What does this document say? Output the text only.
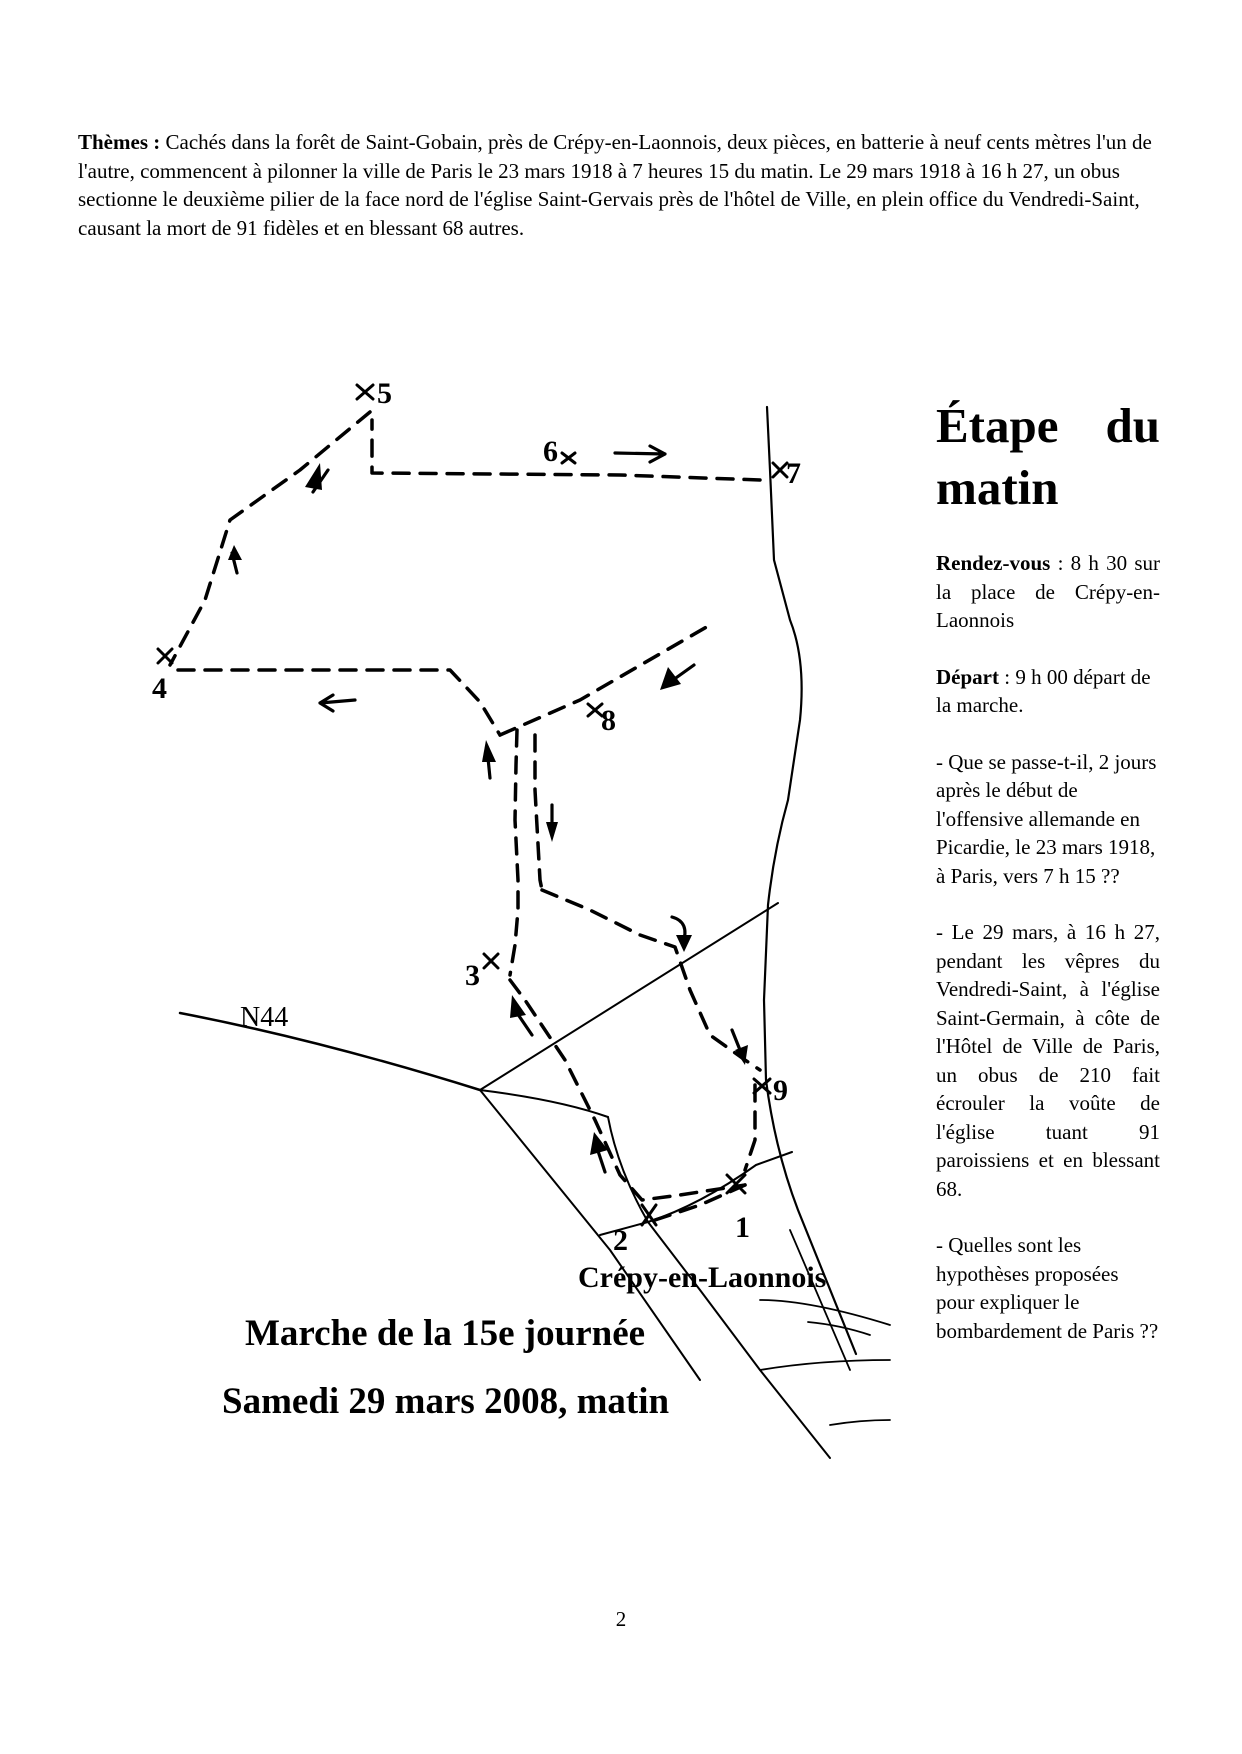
Thèmes : Cachés dans la forêt de Saint-Gobain, près de Crépy-en-Laonnois, deux pièces, en batterie à neuf cents mètres l'un de l'autre, commencent à pilonner la ville de Paris le 23 mars 1918 à 7 heures 15 du matin. Le 29 mars 1918 à 16 h 27, un obus sectionne le deuxième pilier de la face nord de l'église Saint-Gervais près de l'hôtel de Ville, en plein office du Vendredi-Saint, causant la mort de 91 fidèles et en blessant 68 autres.
5
6
7
4
8
3
9
1
2
N44
Crépy-en-Laonnois
Marche de la 15e journée
Samedi 29 mars 2008, matin
Étape du matin

Rendez-vous : 8 h 30 sur la place de Crépy-en-Laonnois

Départ : 9 h 00 départ de la marche.

- Que se passe-t-il, 2 jours après le début de l'offensive allemande en Picardie, le 23 mars 1918, à Paris, vers 7 h 15 ??

- Le 29 mars, à 16 h 27, pendant les vêpres du Vendredi-Saint, à l'église Saint-Germain, à côte de l'Hôtel de Ville de Paris, un obus de 210 fait écrouler la voûte de l'église tuant 91 paroissiens et en blessant 68.

- Quelles sont les hypothèses proposées pour expliquer le bombardement de Paris ??

2
